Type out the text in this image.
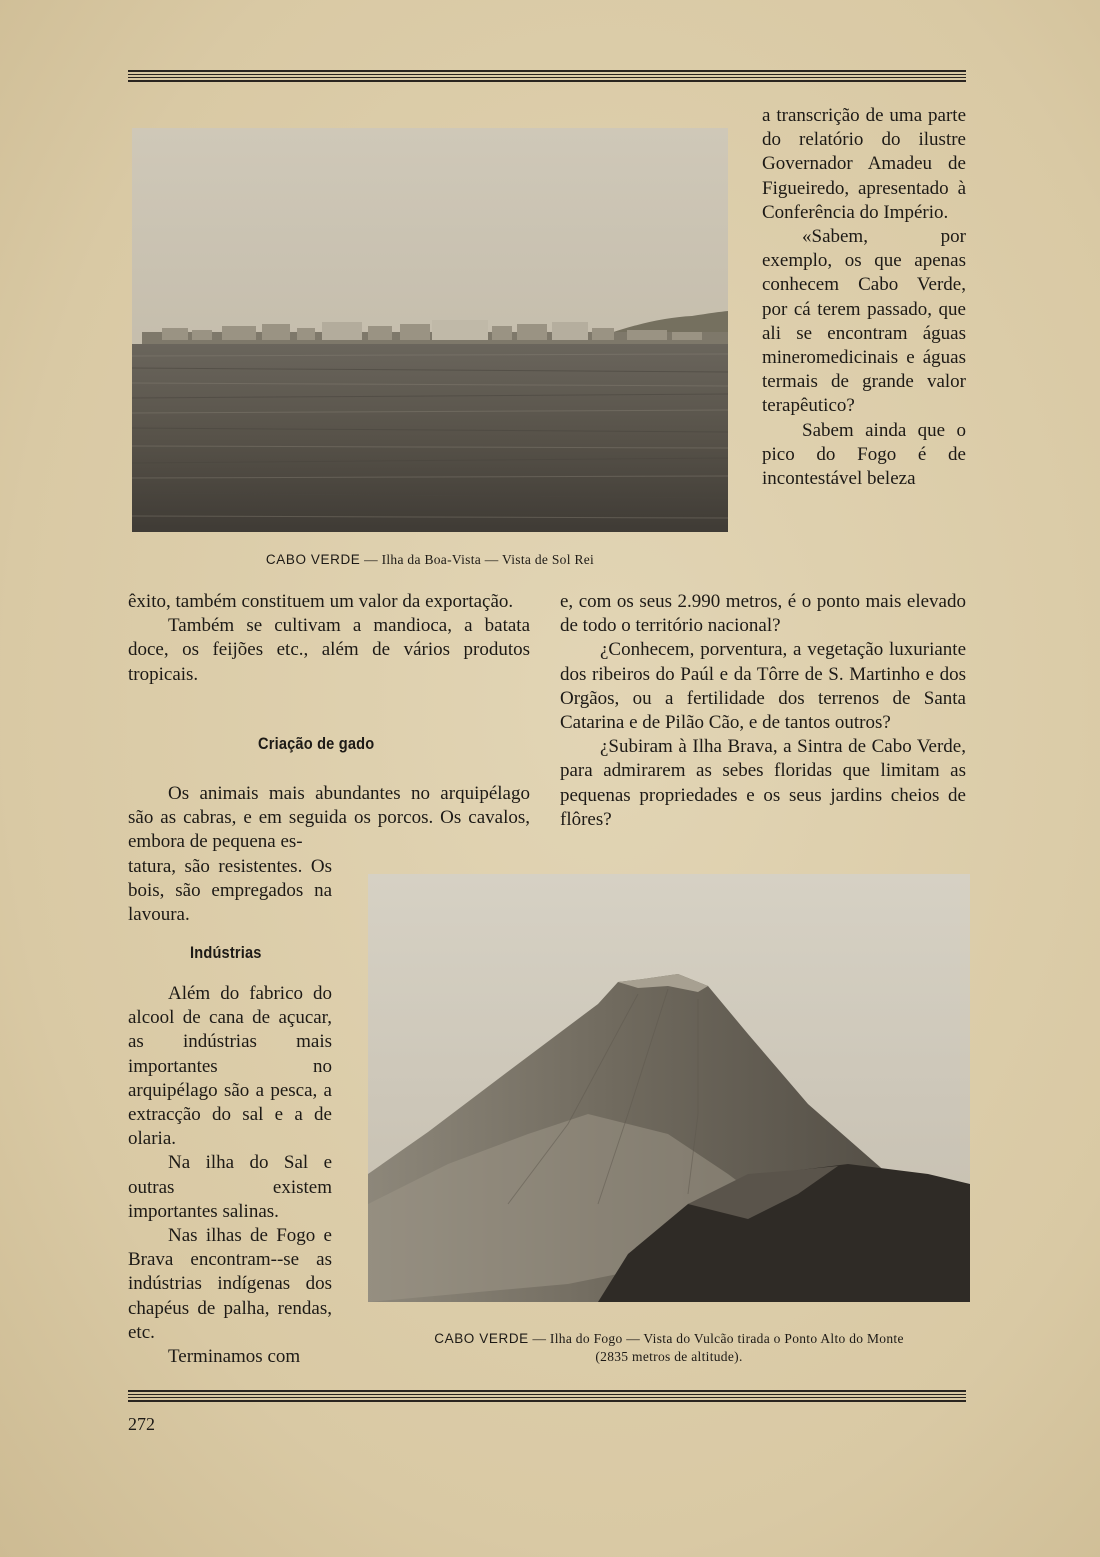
CABO VERDE — Ilha da Boa-Vista — Vista de Sol Rei

a transcrição de uma parte do relatório do ilustre Governador Amadeu de Figueiredo, apresentado à Conferência do Império.

«Sabem, por exemplo, os que apenas conhecem Cabo Verde, por cá terem passado, que ali se encontram águas mineromedicinais e águas termais de grande valor terapêutico?

Sabem ainda que o pico do Fogo é de incontestável beleza

e, com os seus 2.990 metros, é o ponto mais elevado de todo o território nacional?

¿Conhecem, porventura, a vegetação luxuriante dos ribeiros do Paúl e da Tôrre de S. Martinho e dos Orgãos, ou a fertilidade dos terrenos de Santa Catarina e de Pilão Cão, e de tantos outros?

¿Subiram à Ilha Brava, a Sintra de Cabo Verde, para admirarem as sebes floridas que limitam as pequenas propriedades e os seus jardins cheios de flôres?

êxito, também constituem um valor da exportação.

Também se cultivam a mandioca, a batata doce, os feijões etc., além de vários produtos tropicais.

Criação de gado

Os animais mais abundantes no arquipélago são as cabras, e em seguida os porcos. Os cavalos, embora de pequena es-

tatura, são resistentes. Os bois, são empregados na lavoura.

Indústrias

Além do fabrico do alcool de cana de açucar, as indústrias mais importantes no arquipélago são a pesca, a extracção do sal e a de olaria.

Na ilha do Sal e outras existem importantes salinas.

Nas ilhas de Fogo e Brava encontram--se as indústrias indígenas dos chapéus de palha, rendas, etc.

Terminamos com

CABO VERDE — Ilha do Fogo — Vista do Vulcão tirada o Ponto Alto do Monte
(2835 metros de altitude).
272
